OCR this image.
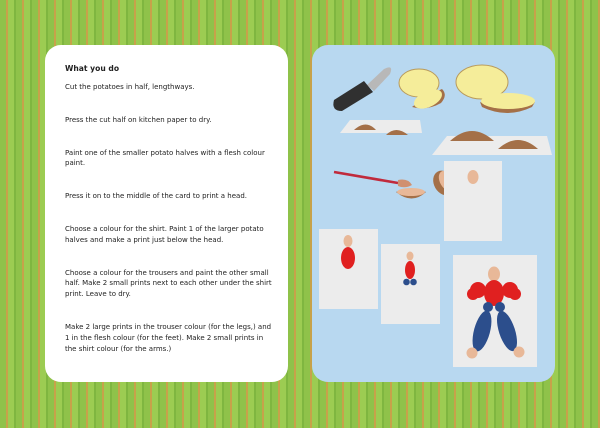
What you do

Cut the potatoes in half, lengthways.

Press the cut half on kitchen paper to dry.

Paint one of the smaller potato halves with a flesh colour paint.

Press it on to the middle of the card to print a head.

Choose a colour for the shirt. Paint 1 of the larger potato halves and make a print just below the head.

Choose a colour for the trousers and paint the other small half. Make 2 small prints next to each other under the shirt print. Leave to dry.

Make 2 large prints in the trouser colour (for the legs,) and 1 in the flesh colour (for the feet). Make 2 small prints in the shirt colour (for the arms.)
